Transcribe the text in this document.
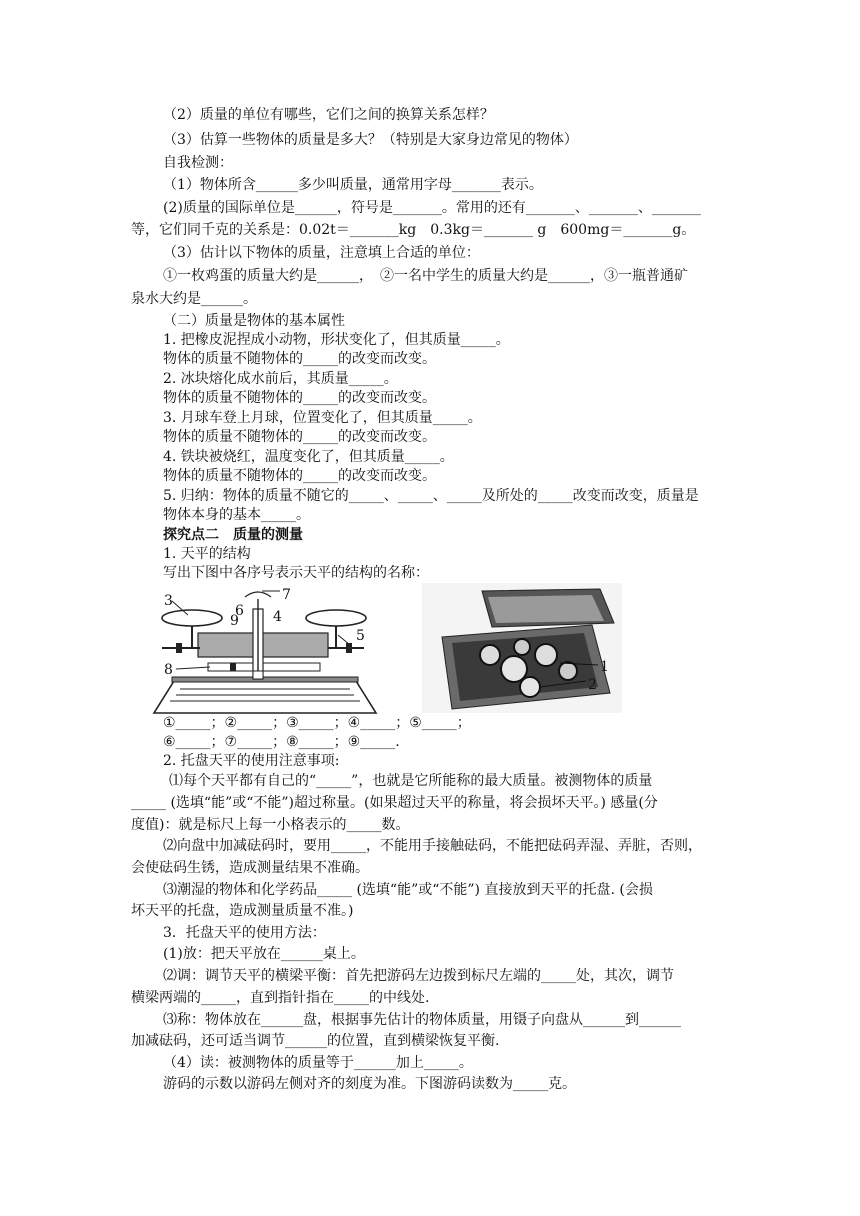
（2）质量的单位有哪些，它们之间的换算关系怎样？
（3）估算一些物体的质量是多大？（特别是大家身边常见的物体）
自我检测：
（1）物体所含______多少叫质量，通常用字母_______表示。
(2)质量的国际单位是______，符号是_______。常用的还有_______、_______、_______
等，它们同千克的关系是：0.02t＝_______kg　0.3kg＝_______ g　600mg＝_______g。
（3）估计以下物体的质量，注意填上合适的单位：
①一枚鸡蛋的质量大约是______，　②一名中学生的质量大约是______，③一瓶普通矿
泉水大约是______。
（二）质量是物体的基本属性
1. 把橡皮泥捏成小动物，形状变化了，但其质量_____。
物体的质量不随物体的_____的改变而改变。
2. 冰块熔化成水前后，其质量_____。
物体的质量不随物体的_____的改变而改变。
3. 月球车登上月球，位置变化了，但其质量_____。
物体的质量不随物体的_____的改变而改变。
4. 铁块被烧红，温度变化了，但其质量_____。
物体的质量不随物体的_____的改变而改变。
5. 归纳：物体的质量不随它的_____、_____、_____及所处的_____改变而改变，质量是
物体本身的基本_____。
探究点二　质量的测量
1. 天平的结构
写出下图中各序号表示天平的结构的名称：
3
6
7
4
9
5
8	1
2
①_____；②_____；③_____；④_____；⑤_____；
⑥_____；⑦_____；⑧_____；⑨_____.
2. 托盘天平的使用注意事项:
⑴每个天平都有自己的“_____”，也就是它所能称的最大质量。被测物体的质量
_____ (选填“能”或“不能”)超过称量。(如果超过天平的称量，将会损坏天平。) 感量(分
度值)：就是标尺上每一小格表示的_____数。
⑵向盘中加减砝码时，要用_____，不能用手接触砝码，不能把砝码弄湿、弄脏，否则，
会使砝码生锈，造成测量结果不准确。
⑶潮湿的物体和化学药品_____ (选填“能”或“不能”) 直接放到天平的托盘. (会损
坏天平的托盘，造成测量质量不准。)
3．托盘天平的使用方法：
(1)放：把天平放在______桌上。
⑵调：调节天平的横梁平衡：首先把游码左边拨到标尺左端的_____处，其次，调节
横梁两端的_____，直到指针指在_____的中线处.
⑶称：物体放在______盘，根据事先估计的物体质量，用镊子向盘从______到______
加减砝码，还可适当调节______的位置，直到横梁恢复平衡.
（4）读：被测物体的质量等于______加上_____。
游码的示数以游码左侧对齐的刻度为准。下图游码读数为_____克。
